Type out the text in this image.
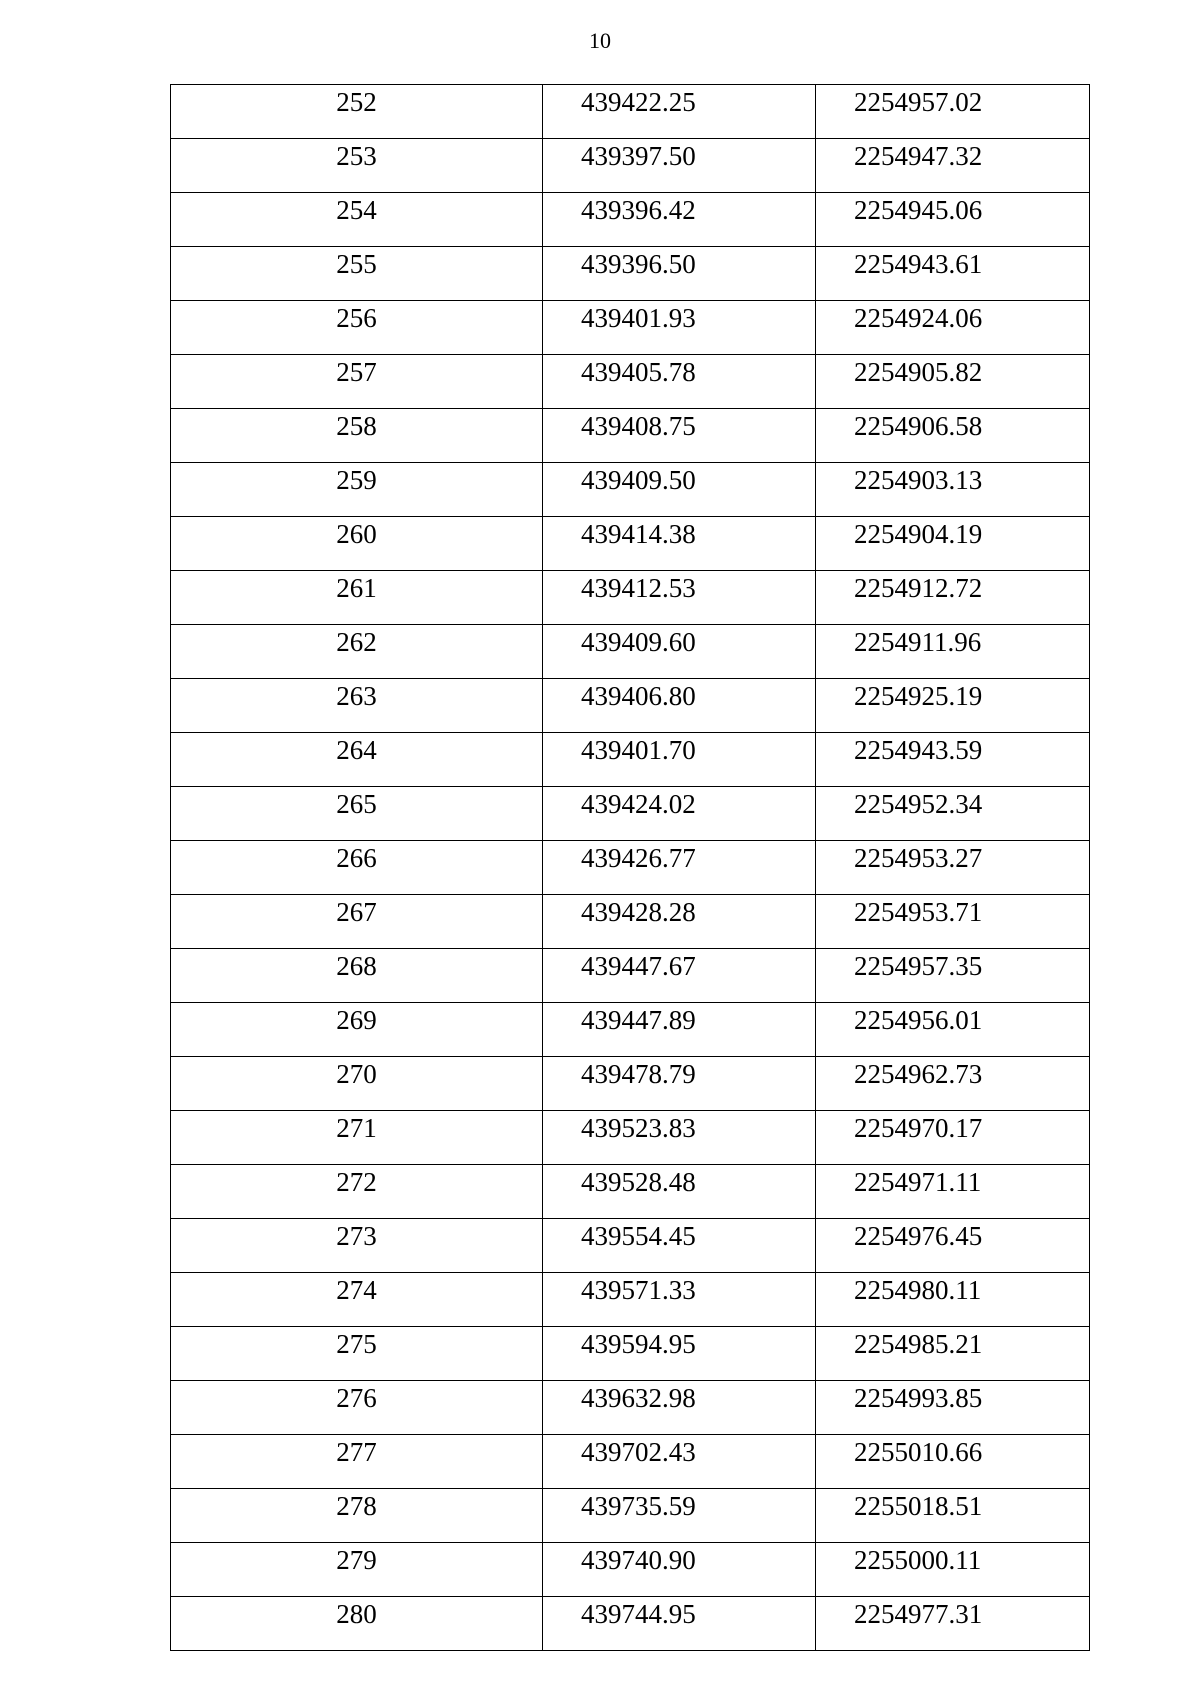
10
252	439422.25	2254957.02
253	439397.50	2254947.32
254	439396.42	2254945.06
255	439396.50	2254943.61
256	439401.93	2254924.06
257	439405.78	2254905.82
258	439408.75	2254906.58
259	439409.50	2254903.13
260	439414.38	2254904.19
261	439412.53	2254912.72
262	439409.60	2254911.96
263	439406.80	2254925.19
264	439401.70	2254943.59
265	439424.02	2254952.34
266	439426.77	2254953.27
267	439428.28	2254953.71
268	439447.67	2254957.35
269	439447.89	2254956.01
270	439478.79	2254962.73
271	439523.83	2254970.17
272	439528.48	2254971.11
273	439554.45	2254976.45
274	439571.33	2254980.11
275	439594.95	2254985.21
276	439632.98	2254993.85
277	439702.43	2255010.66
278	439735.59	2255018.51
279	439740.90	2255000.11
280	439744.95	2254977.31
